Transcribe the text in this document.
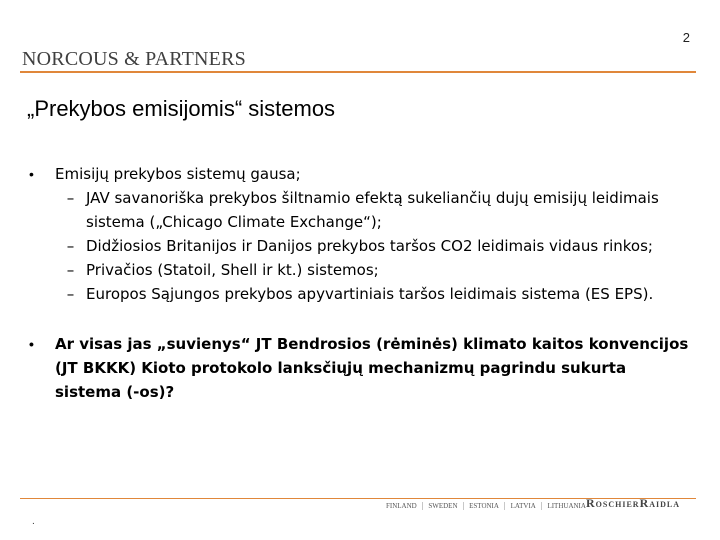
2
NORCOUS & PARTNERS
„Prekybos emisijomis“ sistemos
•	Emisijų prekybos sistemų gausa;
– JAV savanoriška prekybos šiltnamio efektą sukeliančių dujų emisijų leidimais sistema („Chicago Climate Exchange“);
– Didžiosios Britanijos ir Danijos prekybos taršos CO2 leidimais vidaus rinkos;
– Privačios (Statoil, Shell ir kt.) sistemos;
– Europos Sąjungos prekybos apyvartiniais taršos leidimais sistema (ES EPS).
•	Ar visas jas „suvienys“ JT Bendrosios (rėminės) klimato kaitos konvencijos (JT BKKK) Kioto protokolo lanksčiųjų mechanizmų pagrindu sukurta sistema (-os)?
FINLAND | SWEDEN | ESTONIA | LATVIA | LITHUANIA RoschierRaidla
.
